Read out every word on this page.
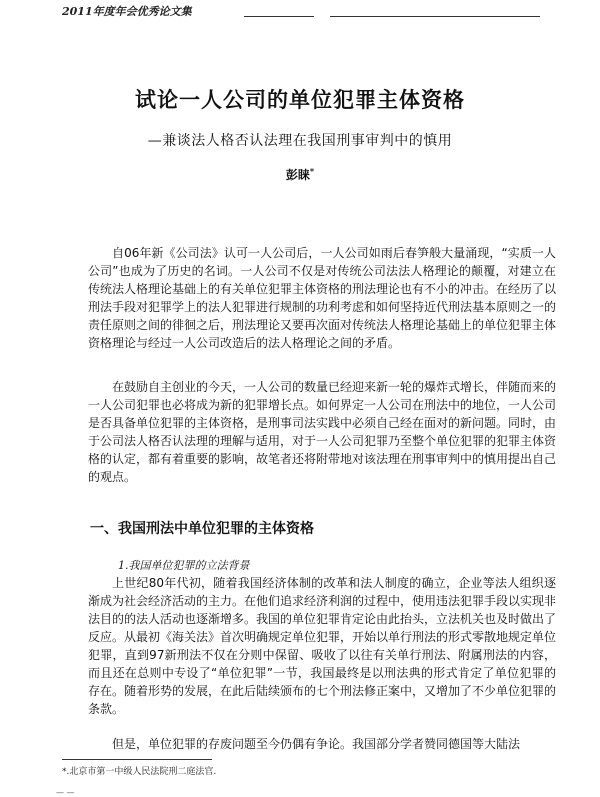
2011年度年会优秀论文集
试论一人公司的单位犯罪主体资格
—兼谈法人格否认法理在我国刑事审判中的慎用
彭睐*
自06年新《公司法》认可一人公司后，一人公司如雨后春笋般大量涌现，“实质一人公司”也成为了历史的名词。一人公司不仅是对传统公司法法人格理论的颠覆，对建立在传统法人格理论基础上的有关单位犯罪主体资格的刑法理论也有不小的冲击。在经历了以刑法手段对犯罪学上的法人犯罪进行规制的功利考虑和如何坚持近代刑法基本原则之一的责任原则之间的徘徊之后，刑法理论又要再次面对传统法人格理论基础上的单位犯罪主体资格理论与经过一人公司改造后的法人格理论之间的矛盾。
在鼓励自主创业的今天，一人公司的数量已经迎来新一轮的爆炸式增长，伴随而来的一人公司犯罪也必将成为新的犯罪增长点。如何界定一人公司在刑法中的地位，一人公司是否具备单位犯罪的主体资格，是刑事司法实践中必须自己经在面对的新问题。同时，由于公司法人格否认法理的理解与适用，对于一人公司犯罪乃至整个单位犯罪的犯罪主体资格的认定，都有着重要的影响，故笔者还将附带地对该法理在刑事审判中的慎用提出自己的观点。
一、我国刑法中单位犯罪的主体资格
1.我国单位犯罪的立法背景
上世纪80年代初，随着我国经济体制的改革和法人制度的确立，企业等法人组织逐渐成为社会经济活动的主力。在他们追求经济利润的过程中，使用违法犯罪手段以实现非法目的的法人活动也逐渐增多。我国的单位犯罪肯定论由此抬头，立法机关也及时做出了反应。从最初《海关法》首次明确规定单位犯罪，开始以单行刑法的形式零散地规定单位犯罪，直到97新刑法不仅在分则中保留、吸收了以往有关单行刑法、附属刑法的内容，而且还在总则中专设了“单位犯罪”一节，我国最终是以刑法典的形式肯定了单位犯罪的存在。随着形势的发展，在此后陆续颁布的七个刑法修正案中，又增加了不少单位犯罪的条款。
但是，单位犯罪的存废问题至今仍偶有争论。我国部分学者赞同德国等大陆法
*.北京市第一中级人民法院刑二庭法官.
— —
